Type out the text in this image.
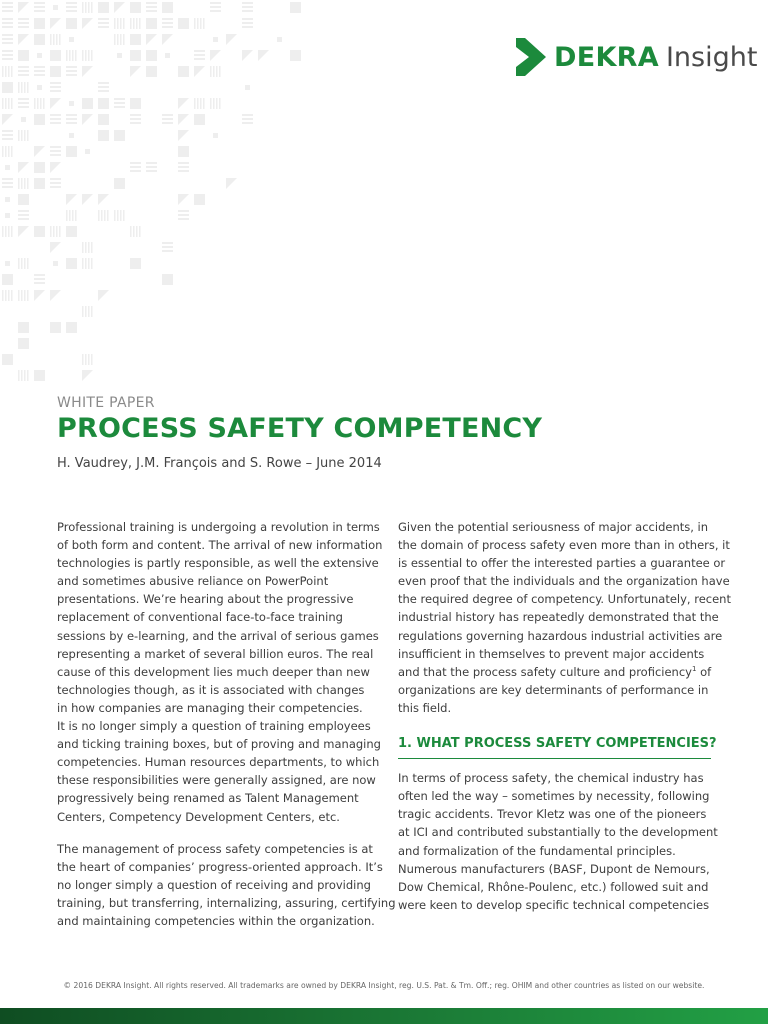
DEKRA Insight
WHITE PAPER
PROCESS SAFETY COMPETENCY
H. Vaudrey, J.M. François and S. Rowe – June 2014

Professional training is undergoing a revolution in terms
of both form and content. The arrival of new information
technologies is partly responsible, as well the extensive
and sometimes abusive reliance on PowerPoint
presentations. We’re hearing about the progressive
replacement of conventional face-to-face training
sessions by e-learning, and the arrival of serious games
representing a market of several billion euros. The real
cause of this development lies much deeper than new
technologies though, as it is associated with changes
in how companies are managing their competencies.
It is no longer simply a question of training employees
and ticking training boxes, but of proving and managing
competencies. Human resources departments, to which
these responsibilities were generally assigned, are now
progressively being renamed as Talent Management
Centers, Competency Development Centers, etc.

The management of process safety competencies is at
the heart of companies’ progress-oriented approach. It’s
no longer simply a question of receiving and providing
training, but transferring, internalizing, assuring, certifying
and maintaining competencies within the organization.

Given the potential seriousness of major accidents, in
the domain of process safety even more than in others, it
is essential to offer the interested parties a guarantee or
even proof that the individuals and the organization have
the required degree of competency. Unfortunately, recent
industrial history has repeatedly demonstrated that the
regulations governing hazardous industrial activities are
insufficient in themselves to prevent major accidents
and that the process safety culture and proficiency$^1$ of
organizations are key determinants of performance in
this field.

1. WHAT PROCESS SAFETY COMPETENCIES?

In terms of process safety, the chemical industry has
often led the way – sometimes by necessity, following
tragic accidents. Trevor Kletz was one of the pioneers
at ICI and contributed substantially to the development
and formalization of the fundamental principles.
Numerous manufacturers (BASF, Dupont de Nemours,
Dow Chemical, Rhône-Poulenc, etc.) followed suit and
were keen to develop specific technical competencies

© 2016 DEKRA Insight. All rights reserved. All trademarks are owned by DEKRA Insight, reg. U.S. Pat. & Tm. Off.; reg. OHIM and other countries as listed on our website.
